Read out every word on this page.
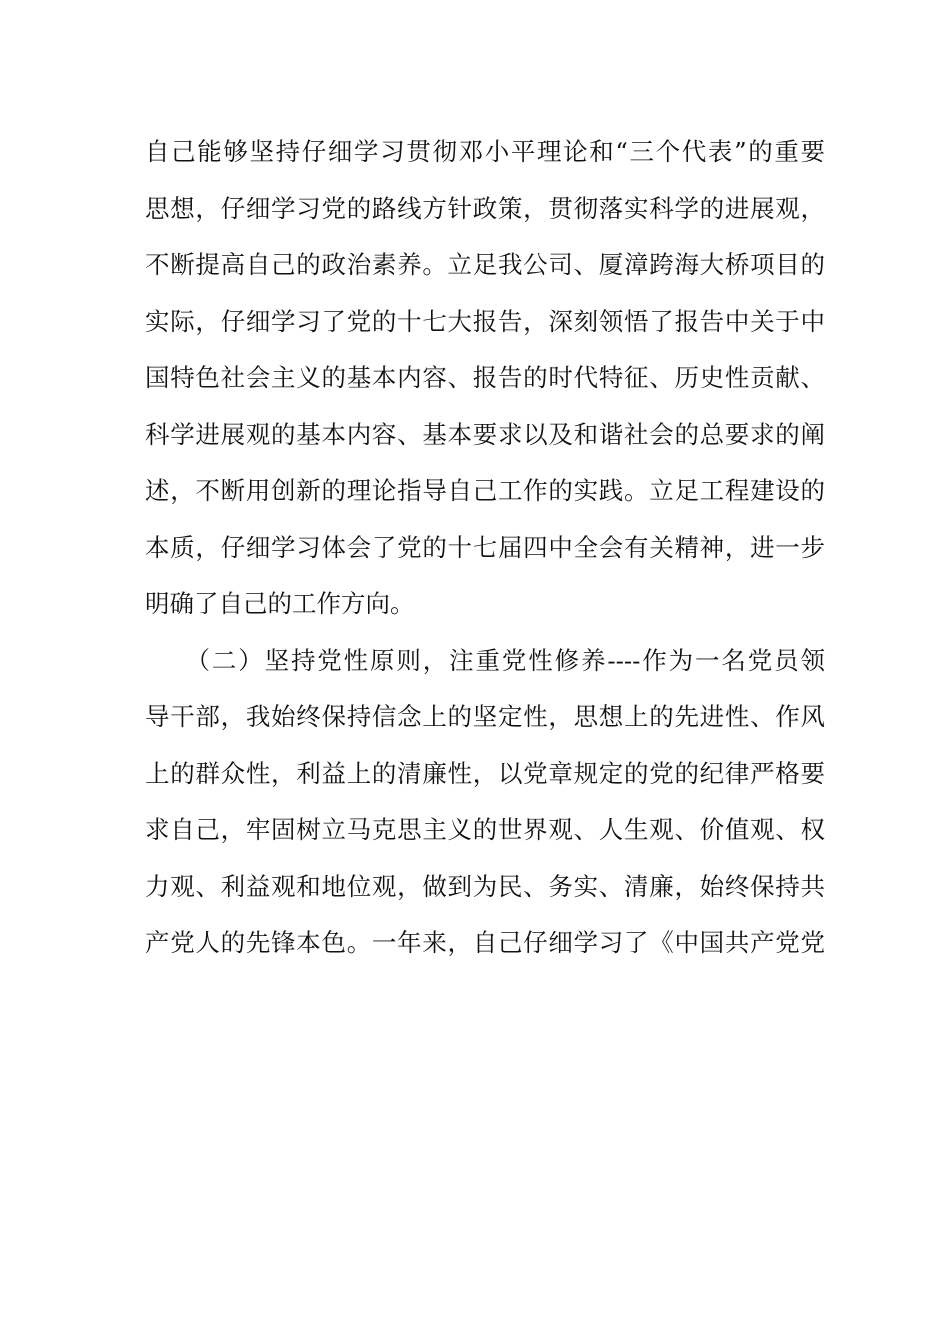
自己能够坚持仔细学习贯彻邓小平理论和“三个代表”的重要
思想，仔细学习党的路线方针政策，贯彻落实科学的进展观，
不断提高自己的政治素养。立足我公司、厦漳跨海大桥项目的
实际，仔细学习了党的十七大报告，深刻领悟了报告中关于中
国特色社会主义的基本内容、报告的时代特征、历史性贡献、
科学进展观的基本内容、基本要求以及和谐社会的总要求的阐
述，不断用创新的理论指导自己工作的实践。立足工程建设的
本质，仔细学习体会了党的十七届四中全会有关精神，进一步
明确了自己的工作方向。
　　（二）坚持党性原则，注重党性修养----作为一名党员领
导干部，我始终保持信念上的坚定性，思想上的先进性、作风
上的群众性，利益上的清廉性，以党章规定的党的纪律严格要
求自己，牢固树立马克思主义的世界观、人生观、价值观、权
力观、利益观和地位观，做到为民、务实、清廉，始终保持共
产党人的先锋本色。一年来，自己仔细学习了《中国共产党党
